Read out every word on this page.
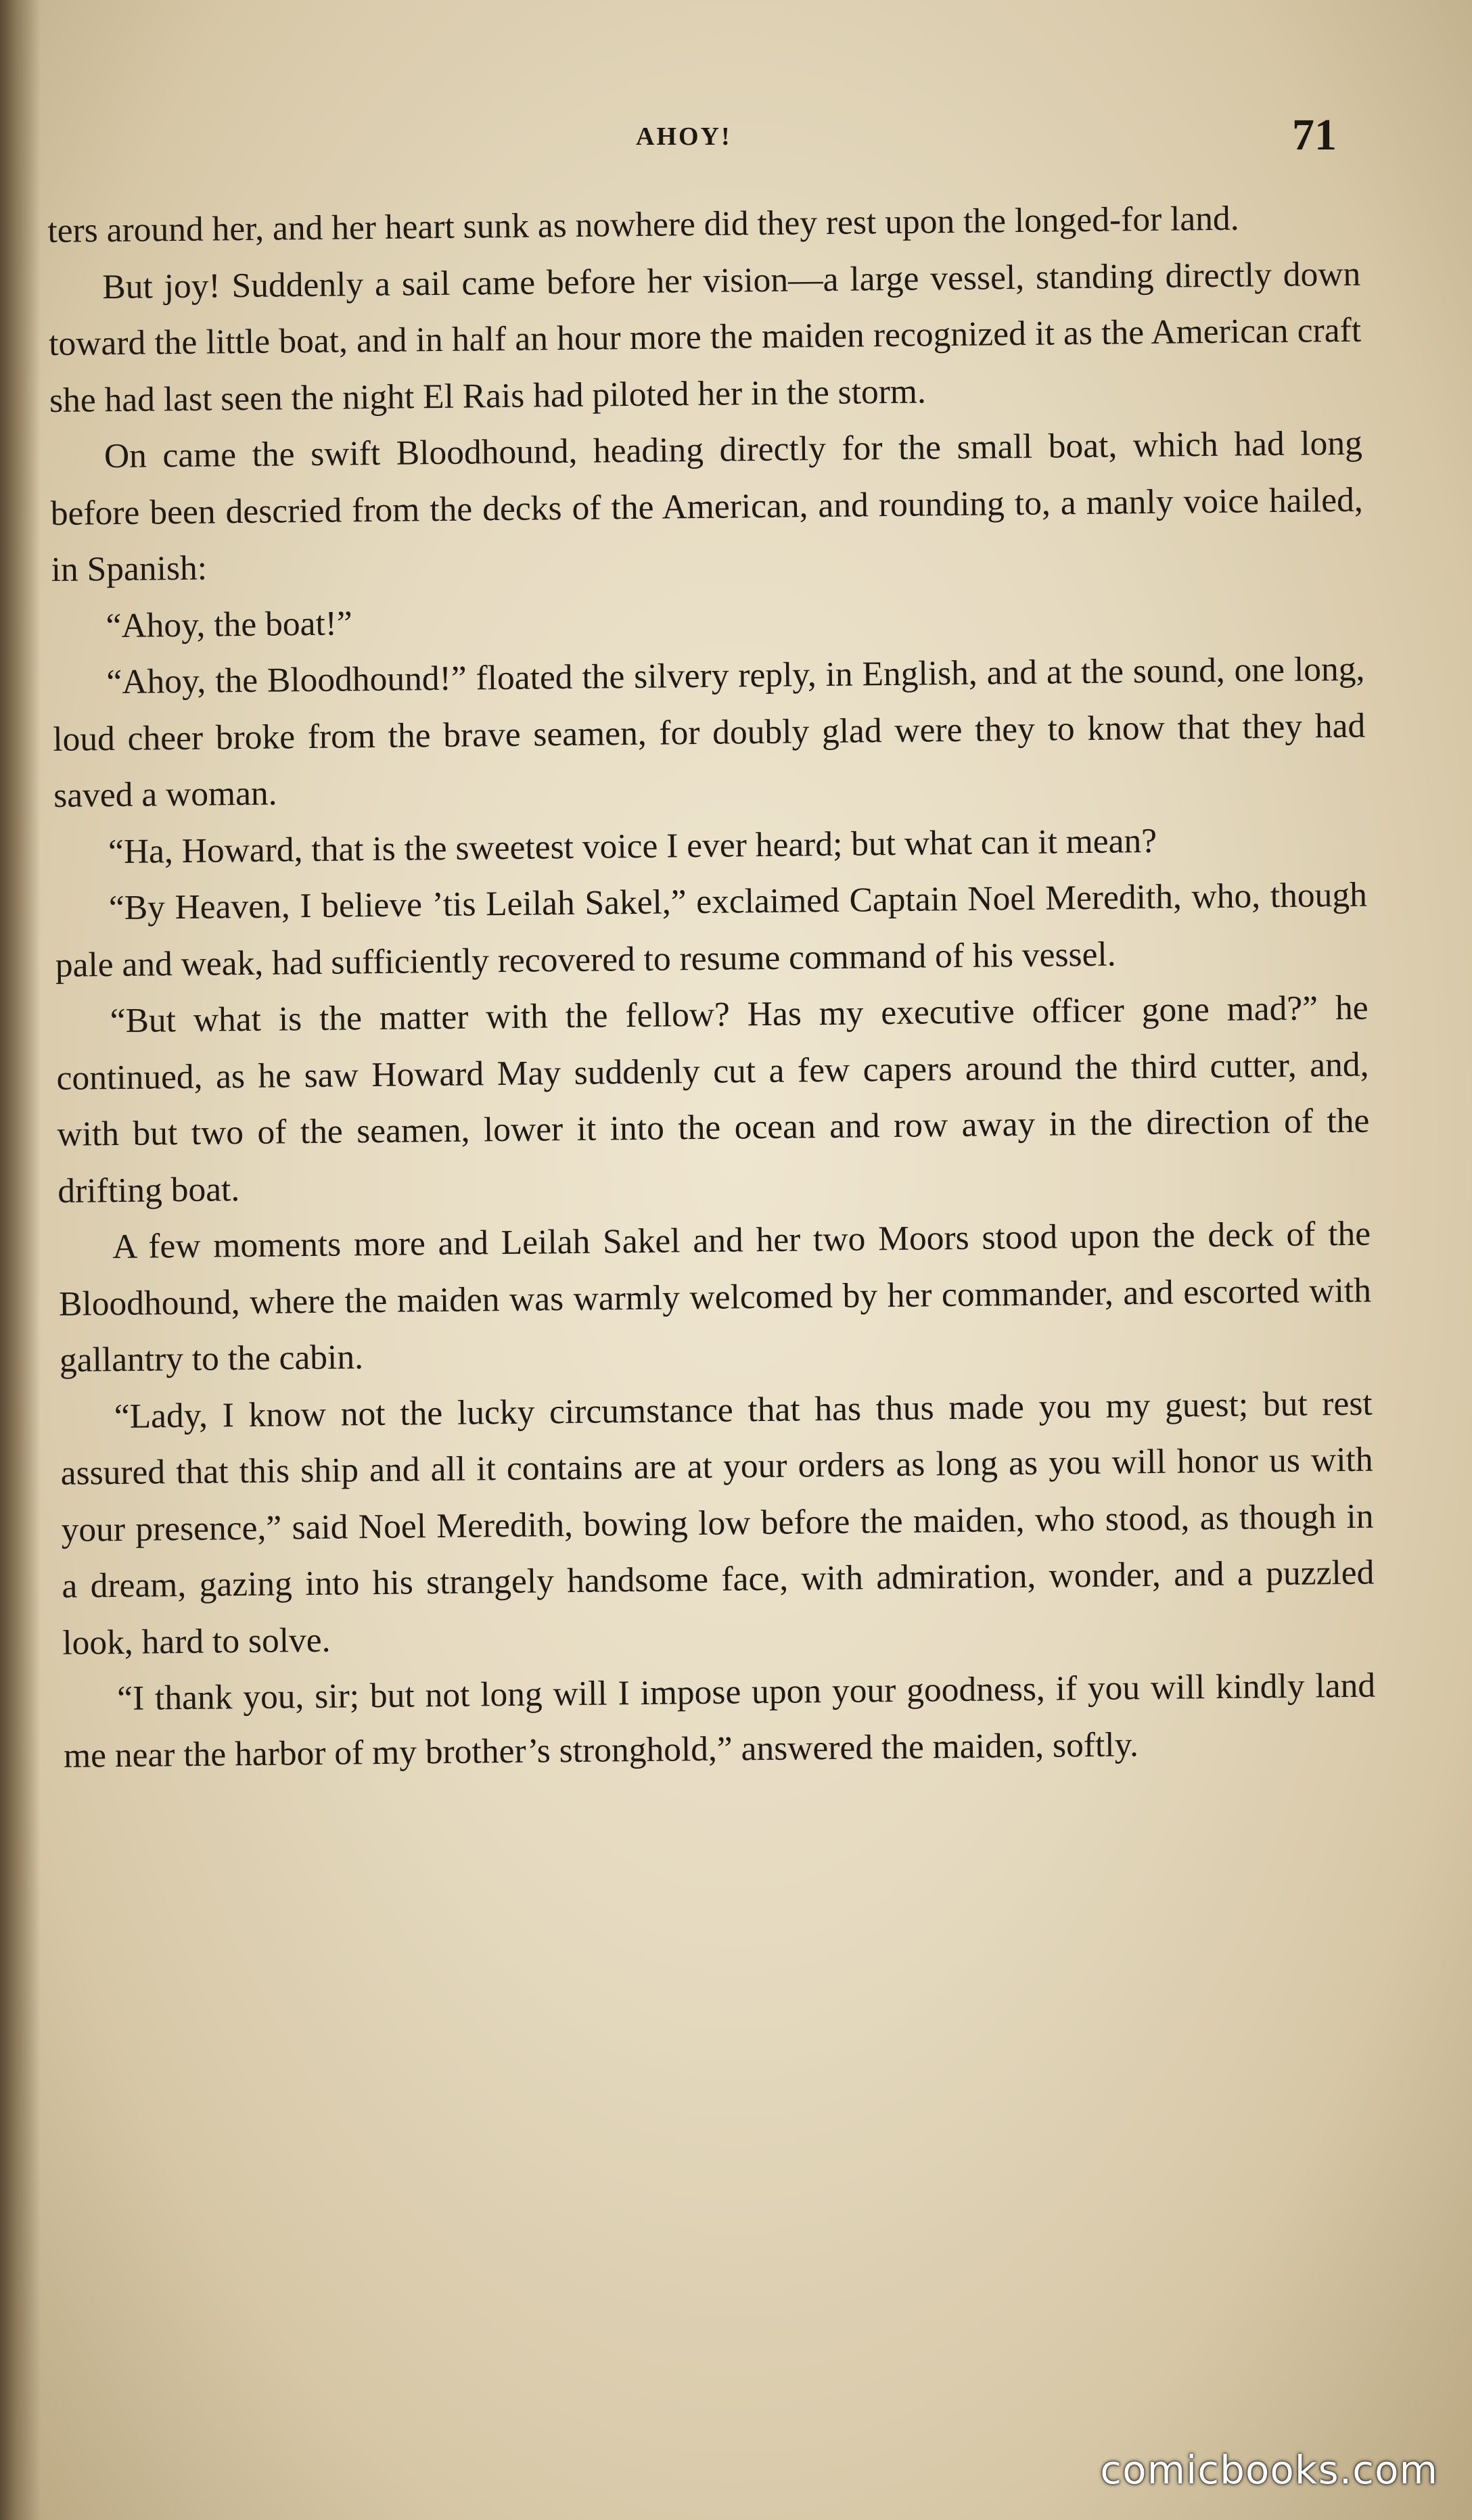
AHOY!	71

ters around her, and her heart sunk as nowhere did they rest upon the longed-for land.

But joy! Suddenly a sail came before her vision—a large vessel, standing directly down toward the little boat, and in half an hour more the maiden recognized it as the American craft she had last seen the night El Rais had piloted her in the storm.

On came the swift Bloodhound, heading directly for the small boat, which had long before been descried from the decks of the American, and rounding to, a manly voice hailed, in Spanish:

“Ahoy, the boat!”

“Ahoy, the Bloodhound!” floated the silvery reply, in English, and at the sound, one long, loud cheer broke from the brave seamen, for doubly glad were they to know that they had saved a woman.

“Ha, Howard, that is the sweetest voice I ever heard; but what can it mean?

“By Heaven, I believe ’tis Leilah Sakel,” exclaimed Captain Noel Meredith, who, though pale and weak, had sufficiently recovered to resume command of his vessel.

“But what is the matter with the fellow? Has my executive officer gone mad?” he continued, as he saw Howard May suddenly cut a few capers around the third cutter, and, with but two of the seamen, lower it into the ocean and row away in the direction of the drifting boat.

A few moments more and Leilah Sakel and her two Moors stood upon the deck of the Bloodhound, where the maiden was warmly welcomed by her commander, and escorted with gallantry to the cabin.

“Lady, I know not the lucky circumstance that has thus made you my guest; but rest assured that this ship and all it contains are at your orders as long as you will honor us with your presence,” said Noel Meredith, bowing low before the maiden, who stood, as though in a dream, gazing into his strangely handsome face, with admiration, wonder, and a puzzled look, hard to solve.

“I thank you, sir; but not long will I impose upon your goodness, if you will kindly land me near the harbor of my brother’s stronghold,” answered the maiden, softly.

comicbooks.com
